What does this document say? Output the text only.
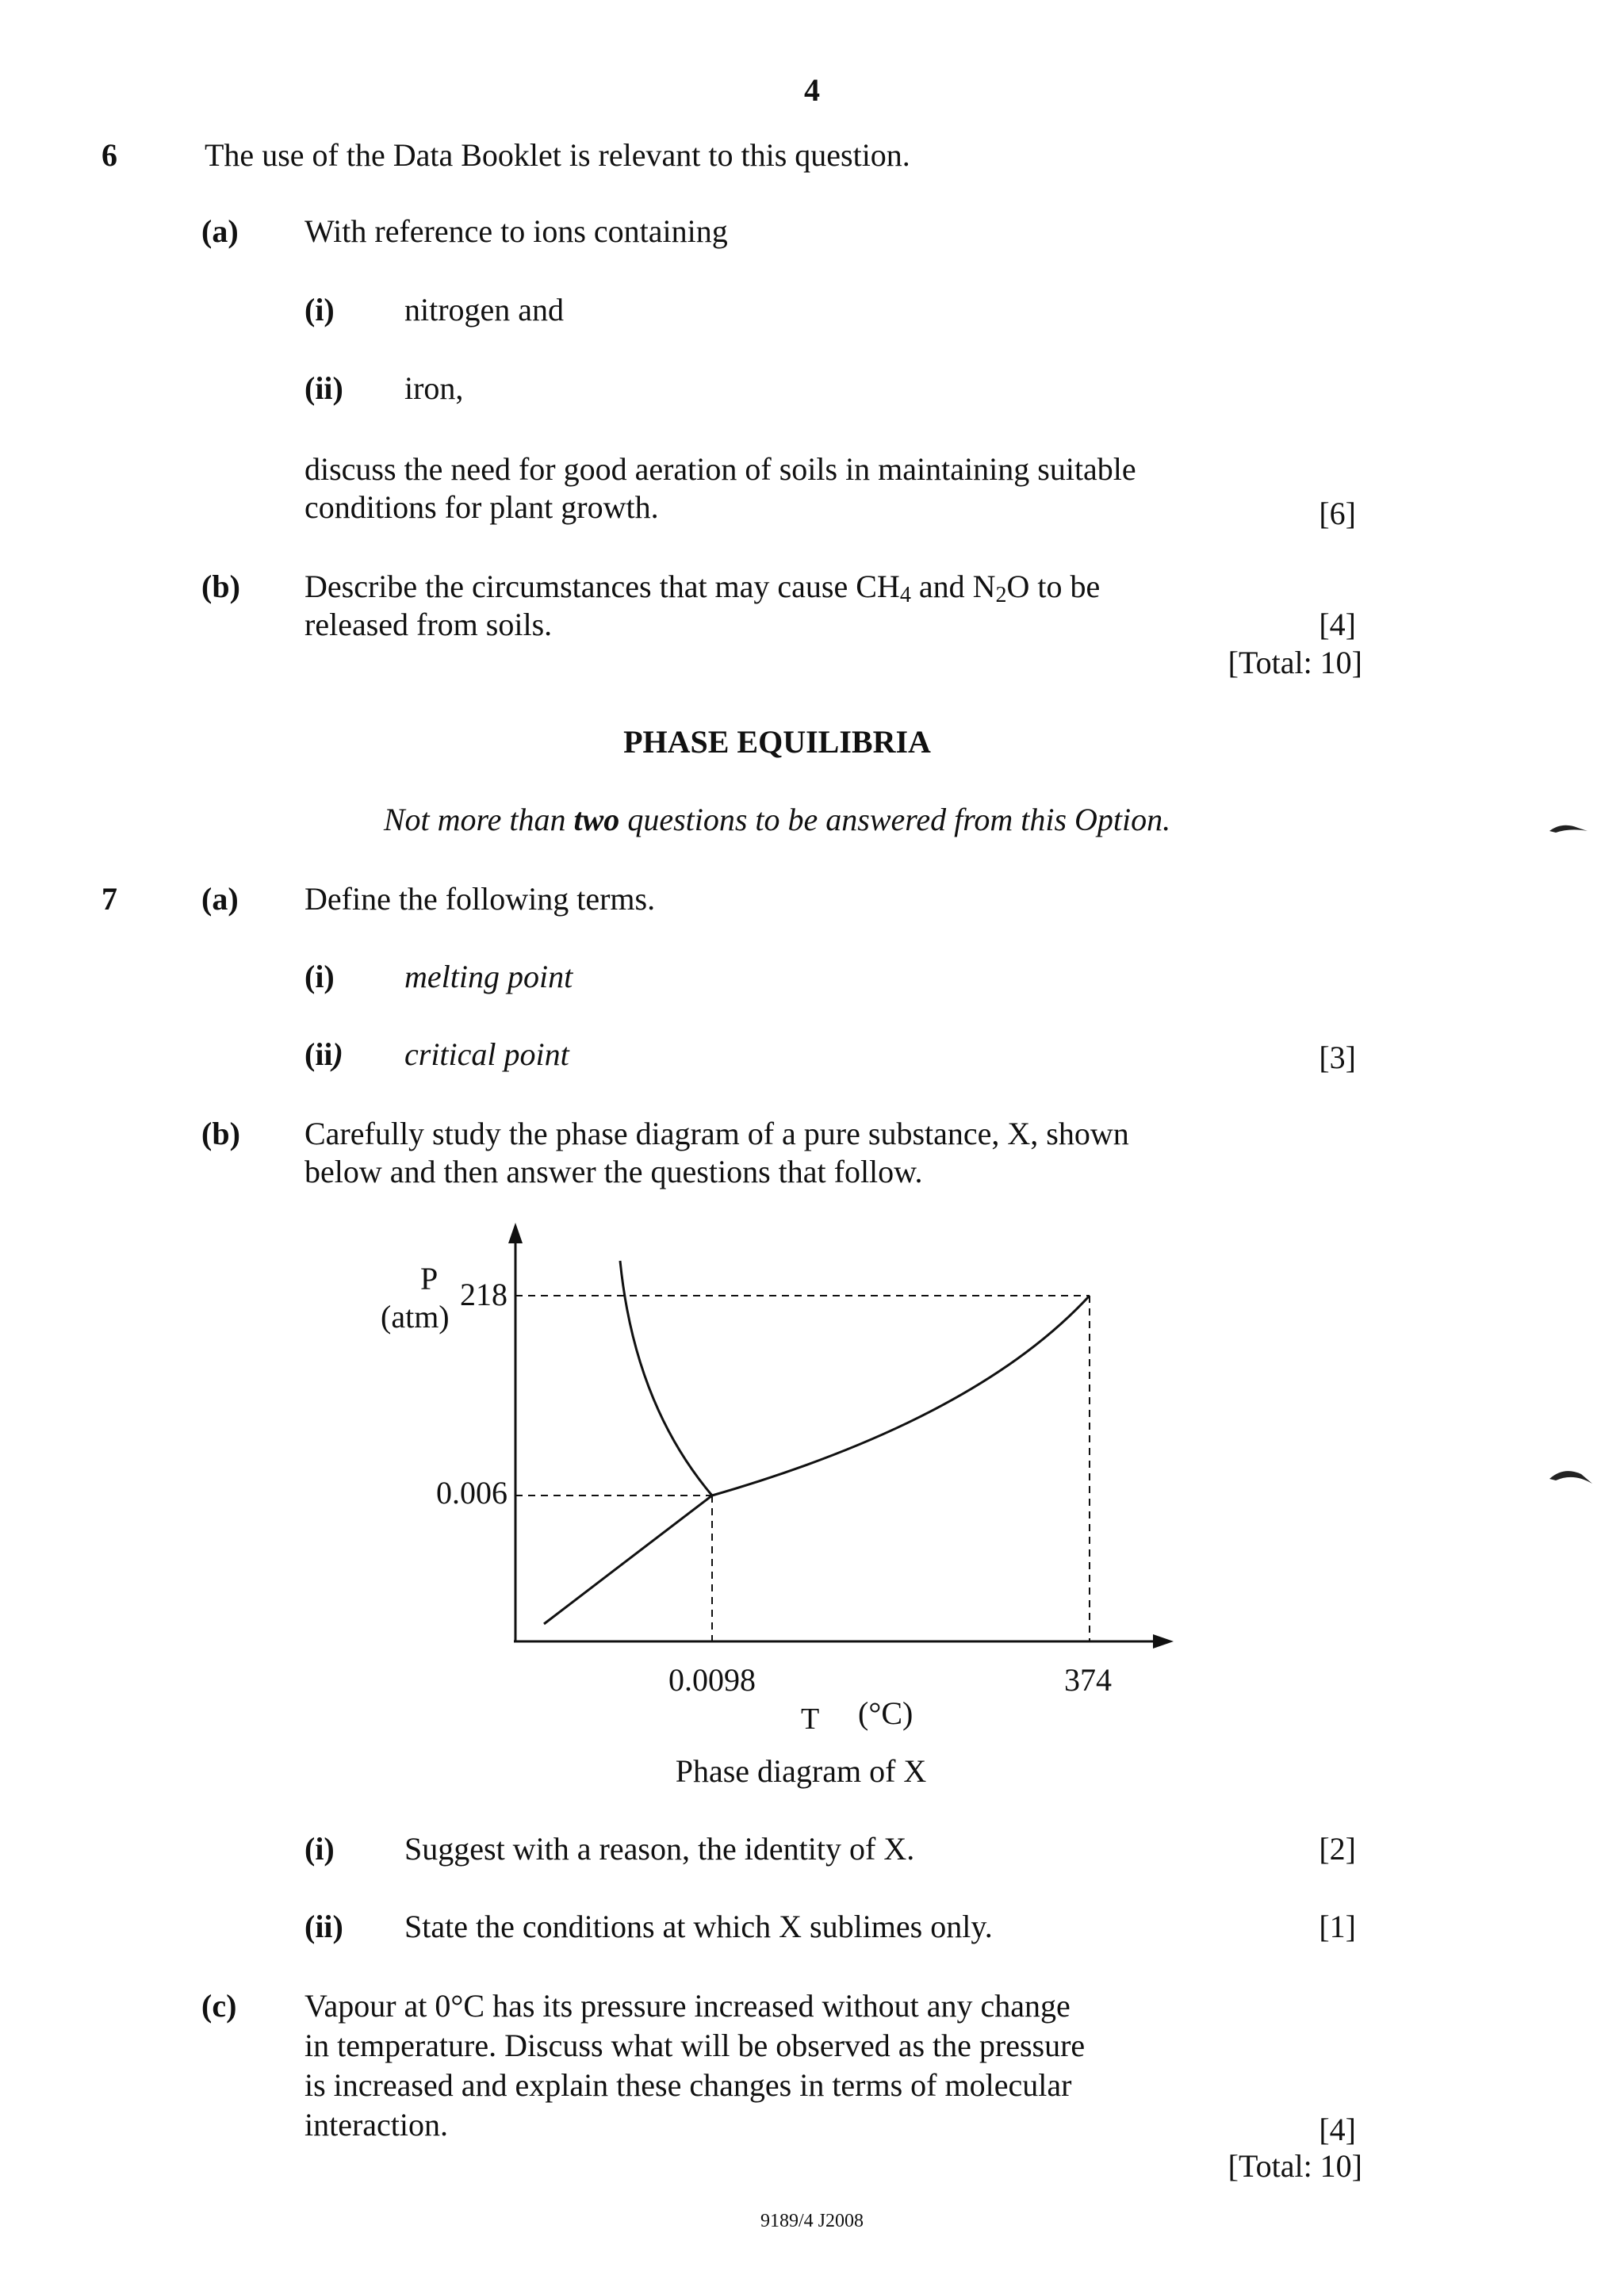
4
6	The use of the Data Booklet is relevant to this question.
(a) With reference to ions containing
(i) nitrogen and
(ii) iron,
discuss the need for good aeration of soils in maintaining suitable
conditions for plant growth.	[6]
(b) Describe the circumstances that may cause $CH_4$ and $N_2O$ to be
released from soils.	[4]
[Total: 10]
PHASE EQUILIBRIA
Not more than two questions to be answered from this Option.
7	(a) Define the following terms.
(i) melting point
(ii) critical point	[3]
(b) Carefully study the phase diagram of a pure substance, X, shown
below and then answer the questions that follow.
P
(atm)
218
0.006
0.0098	374
T (°C)
Phase diagram of X
(i) Suggest with a reason, the identity of X.	[2]
(ii) State the conditions at which X sublimes only.	[1]
(c) Vapour at 0°C has its pressure increased without any change
in temperature. Discuss what will be observed as the pressure
is increased and explain these changes in terms of molecular
interaction.	[4]
[Total: 10]
9189/4 J2008
